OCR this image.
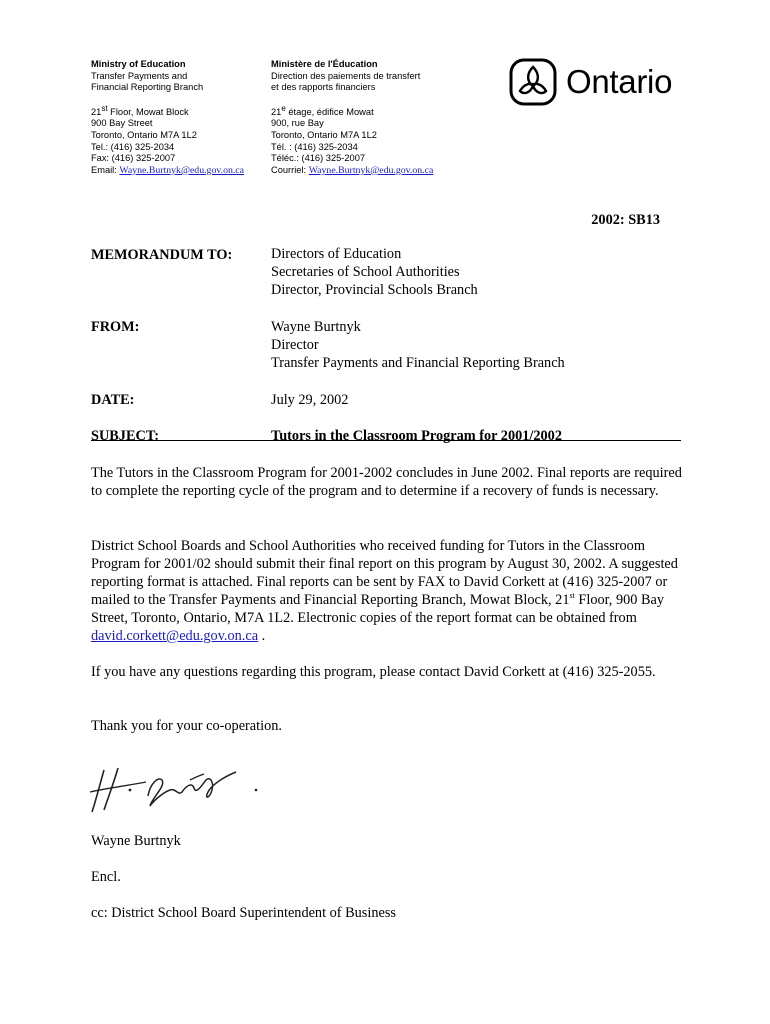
Ministry of Education
Transfer Payments and
Financial Reporting Branch
21st Floor, Mowat Block
900 Bay Street
Toronto, Ontario M7A 1L2
Tel.: (416) 325-2034
Fax: (416) 325-2007
Email: Wayne.Burtnyk@edu.gov.on.ca
Ministère de l'Éducation
Direction des paiements de transfert
et des rapports financiers
21e étage, édifice Mowat
900, rue Bay
Toronto, Ontario M7A 1L2
Tél. : (416) 325-2034
Téléc.: (416) 325-2007
Courriel: Wayne.Burtnyk@edu.gov.on.ca
Ontario
2002: SB13
MEMORANDUM TO:	Directors of Education
Secretaries of School Authorities
Director, Provincial Schools Branch
FROM:	Wayne Burtnyk
Director
Transfer Payments and Financial Reporting Branch
DATE:	July 29, 2002
SUBJECT:	Tutors in the Classroom Program for 2001/2002
The Tutors in the Classroom Program for 2001-2002 concludes in June 2002. Final reports are required to complete the reporting cycle of the program and to determine if a recovery of funds is necessary.
District School Boards and School Authorities who received funding for Tutors in the Classroom Program for 2001/02 should submit their final report on this program by August 30, 2002. A suggested reporting format is attached. Final reports can be sent by FAX to David Corkett at (416) 325-2007 or mailed to the Transfer Payments and Financial Reporting Branch, Mowat Block, 21st Floor, 900 Bay Street, Toronto, Ontario, M7A 1L2. Electronic copies of the report format can be obtained from david.corkett@edu.gov.on.ca .
If you have any questions regarding this program, please contact David Corkett at (416) 325-2055.
Thank you for your co-operation.
Wayne Burtnyk
Encl.
cc: District School Board Superintendent of Business
